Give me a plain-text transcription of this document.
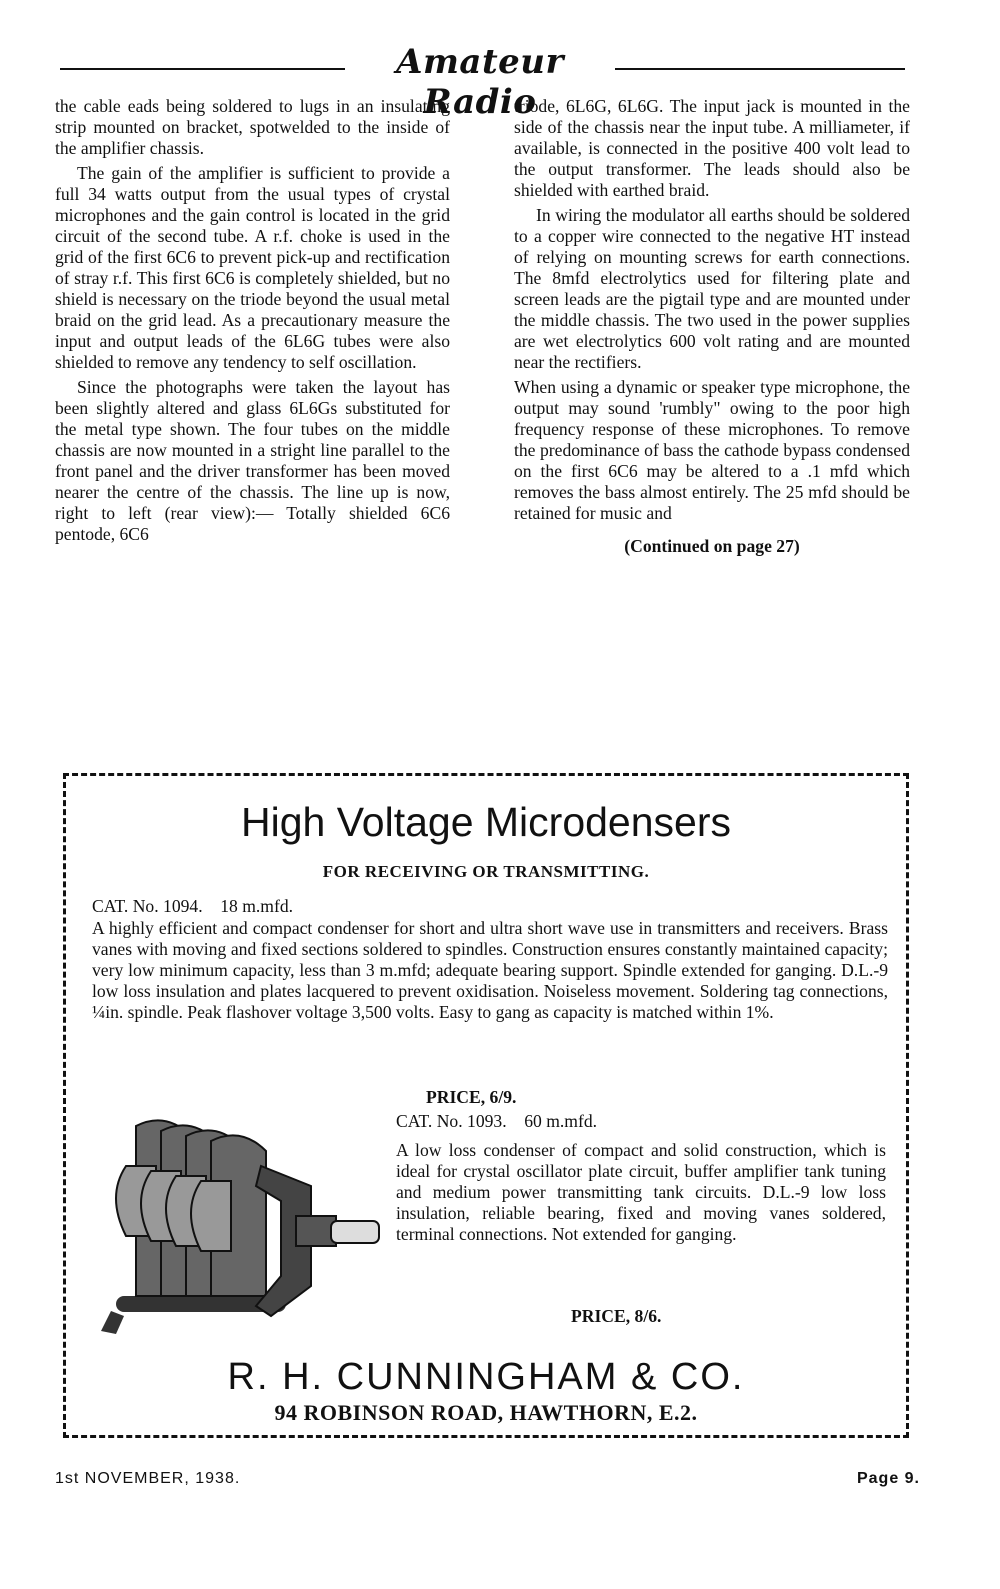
Amateur Radio

the cable eads being soldered to lugs in an insulating strip mounted on bracket, spotwelded to the inside of the amplifier chassis.

The gain of the amplifier is sufficient to provide a full 34 watts output from the usual types of crystal microphones and the gain control is located in the grid circuit of the second tube. A r.f. choke is used in the grid of the first 6C6 to prevent pick-up and rectification of stray r.f. This first 6C6 is completely shielded, but no shield is necessary on the triode beyond the usual metal braid on the grid lead. As a precautionary measure the input and output leads of the 6L6G tubes were also shielded to remove any tendency to self oscillation.

Since the photographs were taken the layout has been slightly altered and glass 6L6Gs substituted for the metal type shown. The four tubes on the middle chassis are now mounted in a stright line parallel to the front panel and the driver transformer has been moved nearer the centre of the chassis. The line up is now, right to left (rear view):— Totally shielded 6C6 pentode, 6C6

triode, 6L6G, 6L6G. The input jack is mounted in the side of the chassis near the input tube. A milliameter, if available, is connected in the positive 400 volt lead to the output transformer. The leads should also be shielded with earthed braid.

In wiring the modulator all earths should be soldered to a copper wire connected to the negative HT instead of relying on mounting screws for earth connections. The 8mfd electrolytics used for filtering plate and screen leads are the pigtail type and are mounted under the middle chassis. The two used in the power supplies are wet electrolytics 600 volt rating and are mounted near the rectifiers.

When using a dynamic or speaker type microphone, the output may sound 'rumbly" owing to the poor high frequency response of these microphones. To remove the predominance of bass the cathode bypass condensed on the first 6C6 may be altered to a .1 mfd which removes the bass almost entirely. The 25 mfd should be retained for music and

(Continued on page 27)

High Voltage Microdensers
FOR RECEIVING OR TRANSMITTING.
CAT. No. 1094.    18 m.mfd.
A highly efficient and compact condenser for short and ultra short wave use in transmitters and receivers. Brass vanes with moving and fixed sections soldered to spindles. Construction ensures constantly maintained capacity; very low minimum capacity, less than 3 m.mfd; adequate bearing support. Spindle extended for ganging. D.L.-9 low loss insulation and plates lacquered to prevent oxidisation. Noiseless movement. Soldering tag connections, ¼in. spindle. Peak flashover voltage 3,500 volts. Easy to gang as capacity is matched within 1%.
PRICE, 6/9.
CAT. No. 1093.    60 m.mfd.
A low loss condenser of compact and solid construction, which is ideal for crystal oscillator plate circuit, buffer amplifier tank tuning and medium power transmitting tank circuits. D.L.-9 low loss insulation, reliable bearing, fixed and moving vanes soldered, terminal connections. Not extended for ganging.
PRICE, 8/6.
R. H. CUNNINGHAM & CO.
94 ROBINSON ROAD, HAWTHORN, E.2.
1st NOVEMBER, 1938.	Page 9.
